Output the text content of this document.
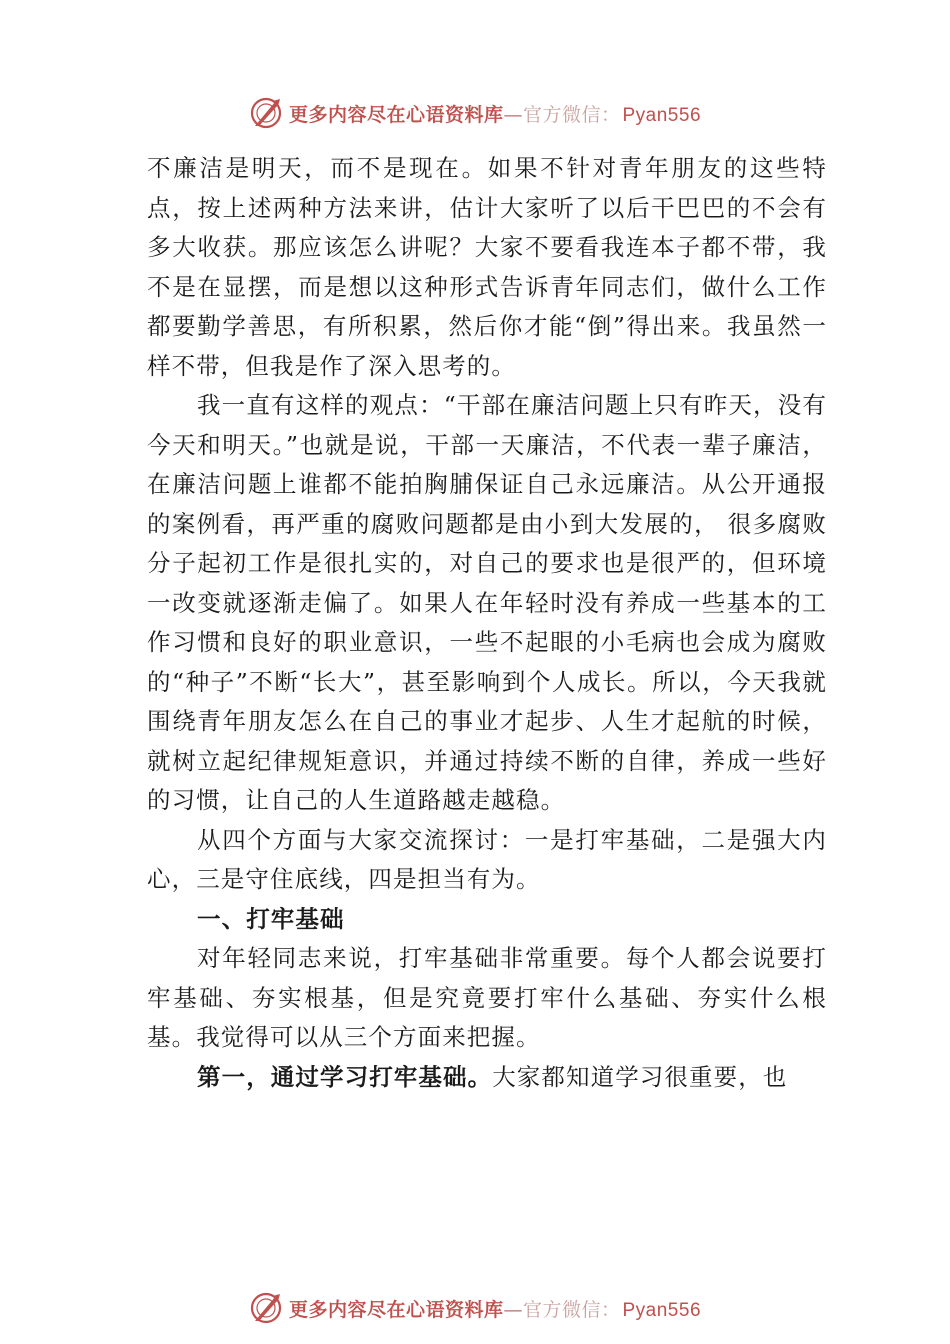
更多内容尽在心语资料库—官方微信： Pyan556

不廉洁是明天，而不是现在。如果不针对青年朋友的这些特点，按上述两种方法来讲，估计大家听了以后干巴巴的不会有多大收获。那应该怎么讲呢？大家不要看我连本子都不带，我不是在显摆，而是想以这种形式告诉青年同志们，做什么工作都要勤学善思，有所积累，然后你才能“倒”得出来。我虽然一样不带，但我是作了深入思考的。

我一直有这样的观点：“干部在廉洁问题上只有昨天，没有今天和明天。”也就是说，干部一天廉洁，不代表一辈子廉洁，在廉洁问题上谁都不能拍胸脯保证自己永远廉洁。从公开通报的案例看，再严重的腐败问题都是由小到大发展的， 很多腐败分子起初工作是很扎实的，对自己的要求也是很严的，但环境一改变就逐渐走偏了。如果人在年轻时没有养成一些基本的工作习惯和良好的职业意识，一些不起眼的小毛病也会成为腐败的“种子”不断“长大”，甚至影响到个人成长。所以，今天我就围绕青年朋友怎么在自己的事业才起步、人生才起航的时候，就树立起纪律规矩意识，并通过持续不断的自律，养成一些好的习惯，让自己的人生道路越走越稳。

从四个方面与大家交流探讨：一是打牢基础，二是强大内心，三是守住底线，四是担当有为。

一、打牢基础

对年轻同志来说，打牢基础非常重要。每个人都会说要打牢基础、夯实根基，但是究竟要打牢什么基础、夯实什么根基。我觉得可以从三个方面来把握。

第一，通过学习打牢基础。大家都知道学习很重要，也

更多内容尽在心语资料库—官方微信： Pyan556
